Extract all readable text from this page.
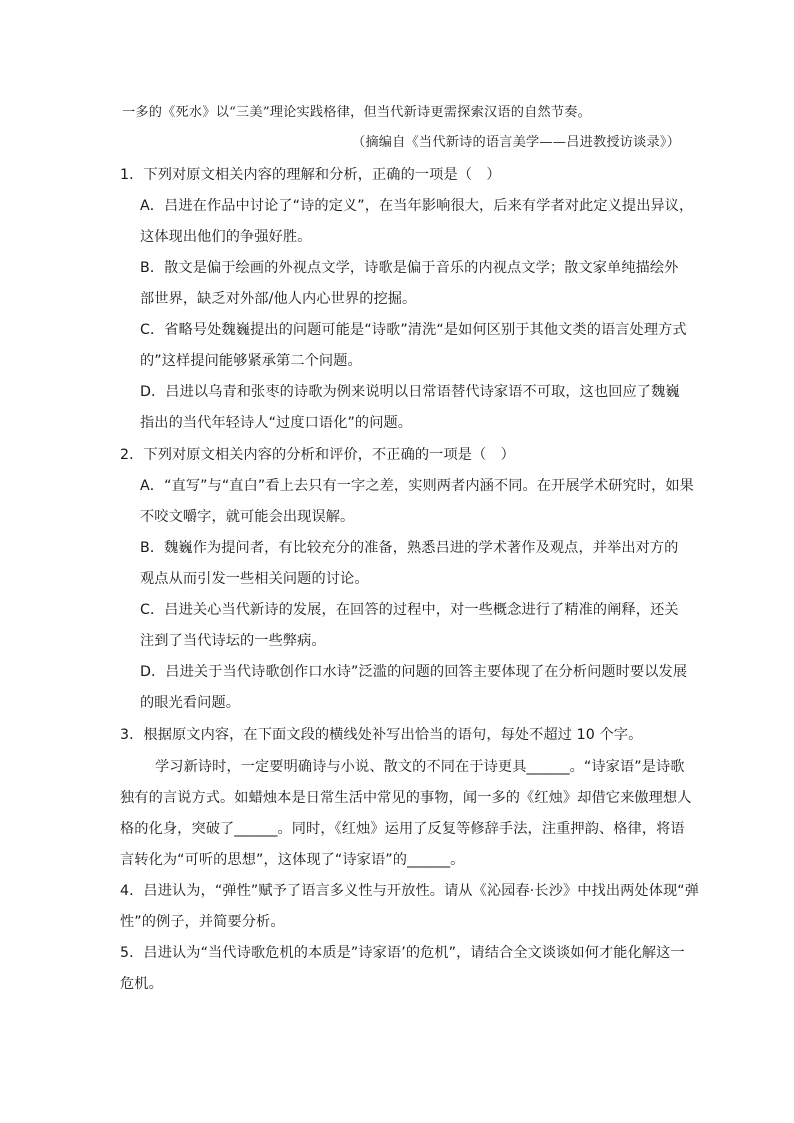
一多的《死水》以“三美”理论实践格律，但当代新诗更需探索汉语的自然节奏。
（摘编自《当代新诗的语言美学——吕进教授访谈录》）
1．下列对原文相关内容的理解和分析，正确的一项是（　）
A．吕进在作品中讨论了“诗的定义”，在当年影响很大，后来有学者对此定义提出异议，
这体现出他们的争强好胜。
B．散文是偏于绘画的外视点文学，诗歌是偏于音乐的内视点文学；散文家单纯描绘外
部世界，缺乏对外部/他人内心世界的挖掘。
C．省略号处魏巍提出的问题可能是“诗歌”清洗“是如何区别于其他文类的语言处理方式
的”这样提问能够紧承第二个问题。
D．吕进以乌青和张枣的诗歌为例来说明以日常语替代诗家语不可取，这也回应了魏巍
指出的当代年轻诗人“过度口语化”的问题。
2．下列对原文相关内容的分析和评价，不正确的一项是（　）
A．“直写”与“直白”看上去只有一字之差，实则两者内涵不同。在开展学术研究时，如果
不咬文嚼字，就可能会出现误解。
B．魏巍作为提问者，有比较充分的准备，熟悉吕进的学术著作及观点，并举出对方的
观点从而引发一些相关问题的讨论。
C．吕进关心当代新诗的发展，在回答的过程中，对一些概念进行了精准的阐释，还关
注到了当代诗坛的一些弊病。
D．吕进关于当代诗歌创作口水诗”泛滥的问题的回答主要体现了在分析问题时要以发展
的眼光看问题。
3．根据原文内容，在下面文段的横线处补写出恰当的语句，每处不超过 10 个字。
学习新诗时，一定要明确诗与小说、散文的不同在于诗更具______。“诗家语”是诗歌
独有的言说方式。如蜡烛本是日常生活中常见的事物，闻一多的《红烛》却借它来傲理想人
格的化身，突破了______。同时，《红烛》运用了反复等修辞手法，注重押韵、格律，将语
言转化为“可听的思想”，这体现了“诗家语”的______。
4．吕进认为，“弹性”赋予了语言多义性与开放性。请从《沁园春·长沙》中找出两处体现“弹
性”的例子，并简要分析。
5．吕进认为“当代诗歌危机的本质是”诗家语’的危机”，请结合全文谈谈如何才能化解这一
危机。
